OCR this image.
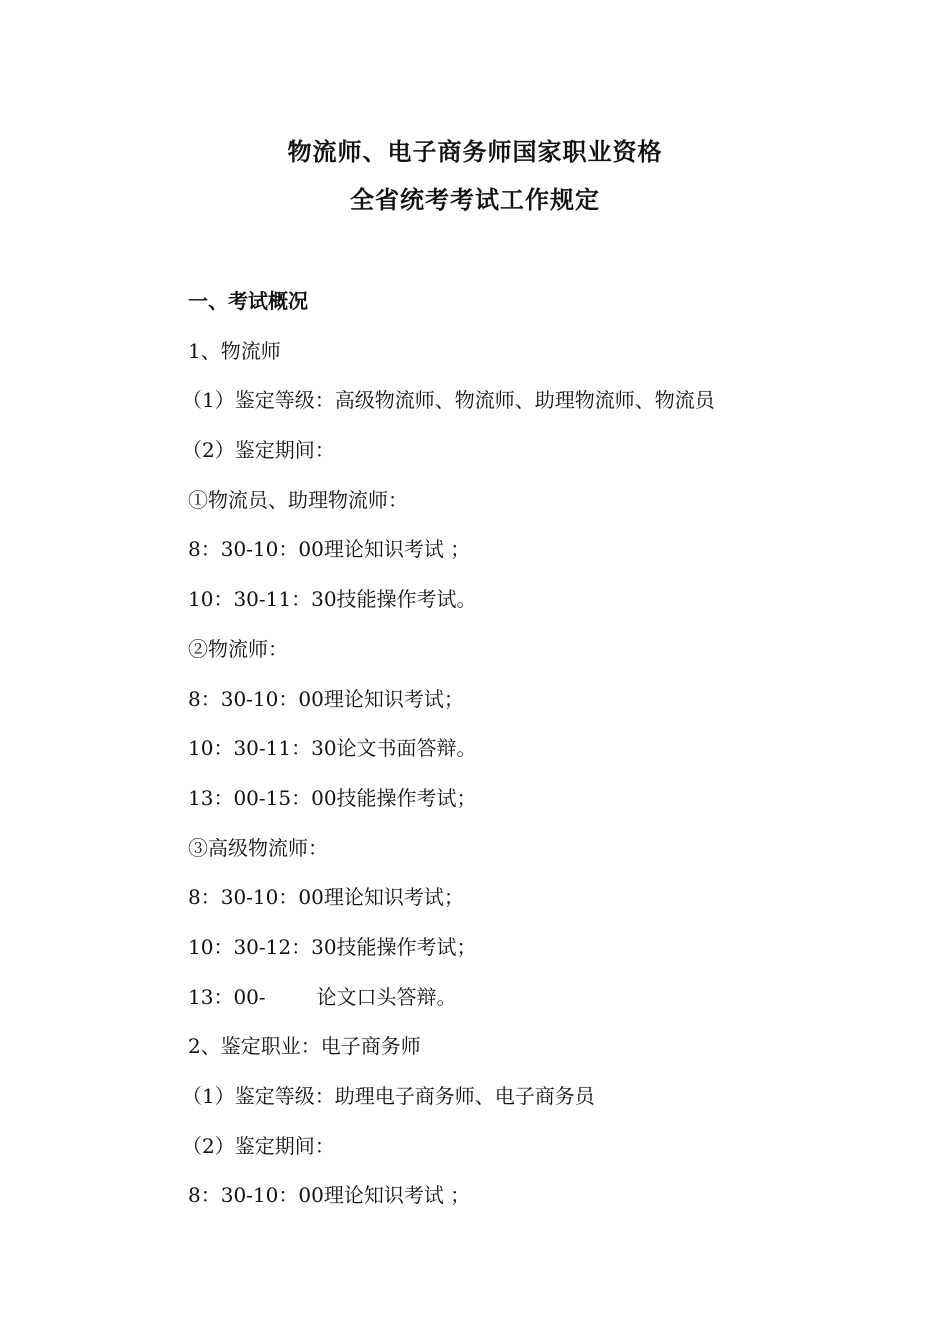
物流师、电子商务师国家职业资格
全省统考考试工作规定
一、考试概况
1、物流师
（1）鉴定等级：高级物流师、物流师、助理物流师、物流员
（2）鉴定期间：
①物流员、助理物流师：
8：30-10：00理论知识考试 ；
10：30-11：30技能操作考试。
②物流师：
8：30-10：00理论知识考试；
10：30-11：30论文书面答辩。
13：00-15：00技能操作考试；
③高级物流师：
8：30-10：00理论知识考试；
10：30-12：30技能操作考试；
13：00-        论文口头答辩。
2、鉴定职业：电子商务师
（1）鉴定等级：助理电子商务师、电子商务员
（2）鉴定期间：
8：30-10：00理论知识考试 ；
